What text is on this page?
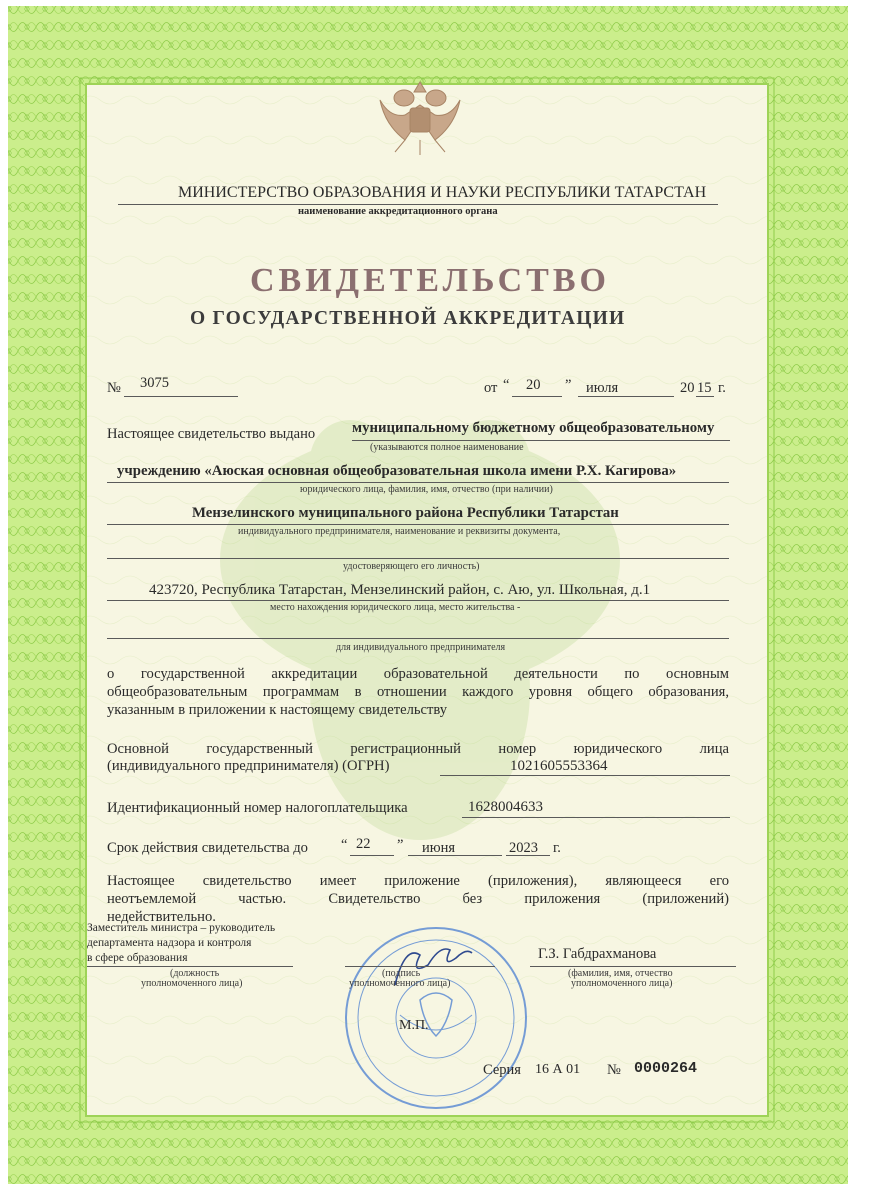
МИНИСТЕРСТВО ОБРАЗОВАНИЯ И НАУКИ РЕСПУБЛИКИ ТАТАРСТАН
наименование аккредитационного органа
СВИДЕТЕЛЬСТВО
О ГОСУДАРСТВЕННОЙ АККРЕДИТАЦИИ
№ 3075	от “ 20 ” июля	20 15 г.
Настоящее свидетельство выдано муниципальному бюджетному общеобразовательному
(указываются полное наименование
учреждению «Аюская основная общеобразовательная школа имени Р.Х. Кагирова»
юридического лица, фамилия, имя, отчество (при наличии)
Мензелинского муниципального района Республики Татарстан
индивидуального предпринимателя, наименование и реквизиты документа,
удостоверяющего его личность)
423720, Республика Татарстан, Мензелинский район, с. Аю, ул. Школьная, д.1
место нахождения юридического лица, место жительства -
для индивидуального предпринимателя
о государственной аккредитации образовательной деятельности по основным
общеобразовательным программам в отношении каждого уровня общего образования,
указанным в приложении к настоящему свидетельству
Основной государственный регистрационный номер юридического лица
(индивидуального предпринимателя) (ОГРН)	1021605553364
Идентификационный номер налогоплательщика	1628004633
Срок действия свидетельства до “ 22 ” июня	2023 г.
Настоящее свидетельство имеет приложение (приложения), являющееся его
неотъемлемой частью. Свидетельство без приложения (приложений)
недействительно.
Заместитель министра – руководитель
департамента надзора и контроля
в сфере образования
(должность
уполномоченного лица)
(подпись
уполномоченного лица)
Г.З. Габдрахманова
(фамилия, имя, отчество
уполномоченного лица)
М.П.
Серия 16 А 01 № 0000264
